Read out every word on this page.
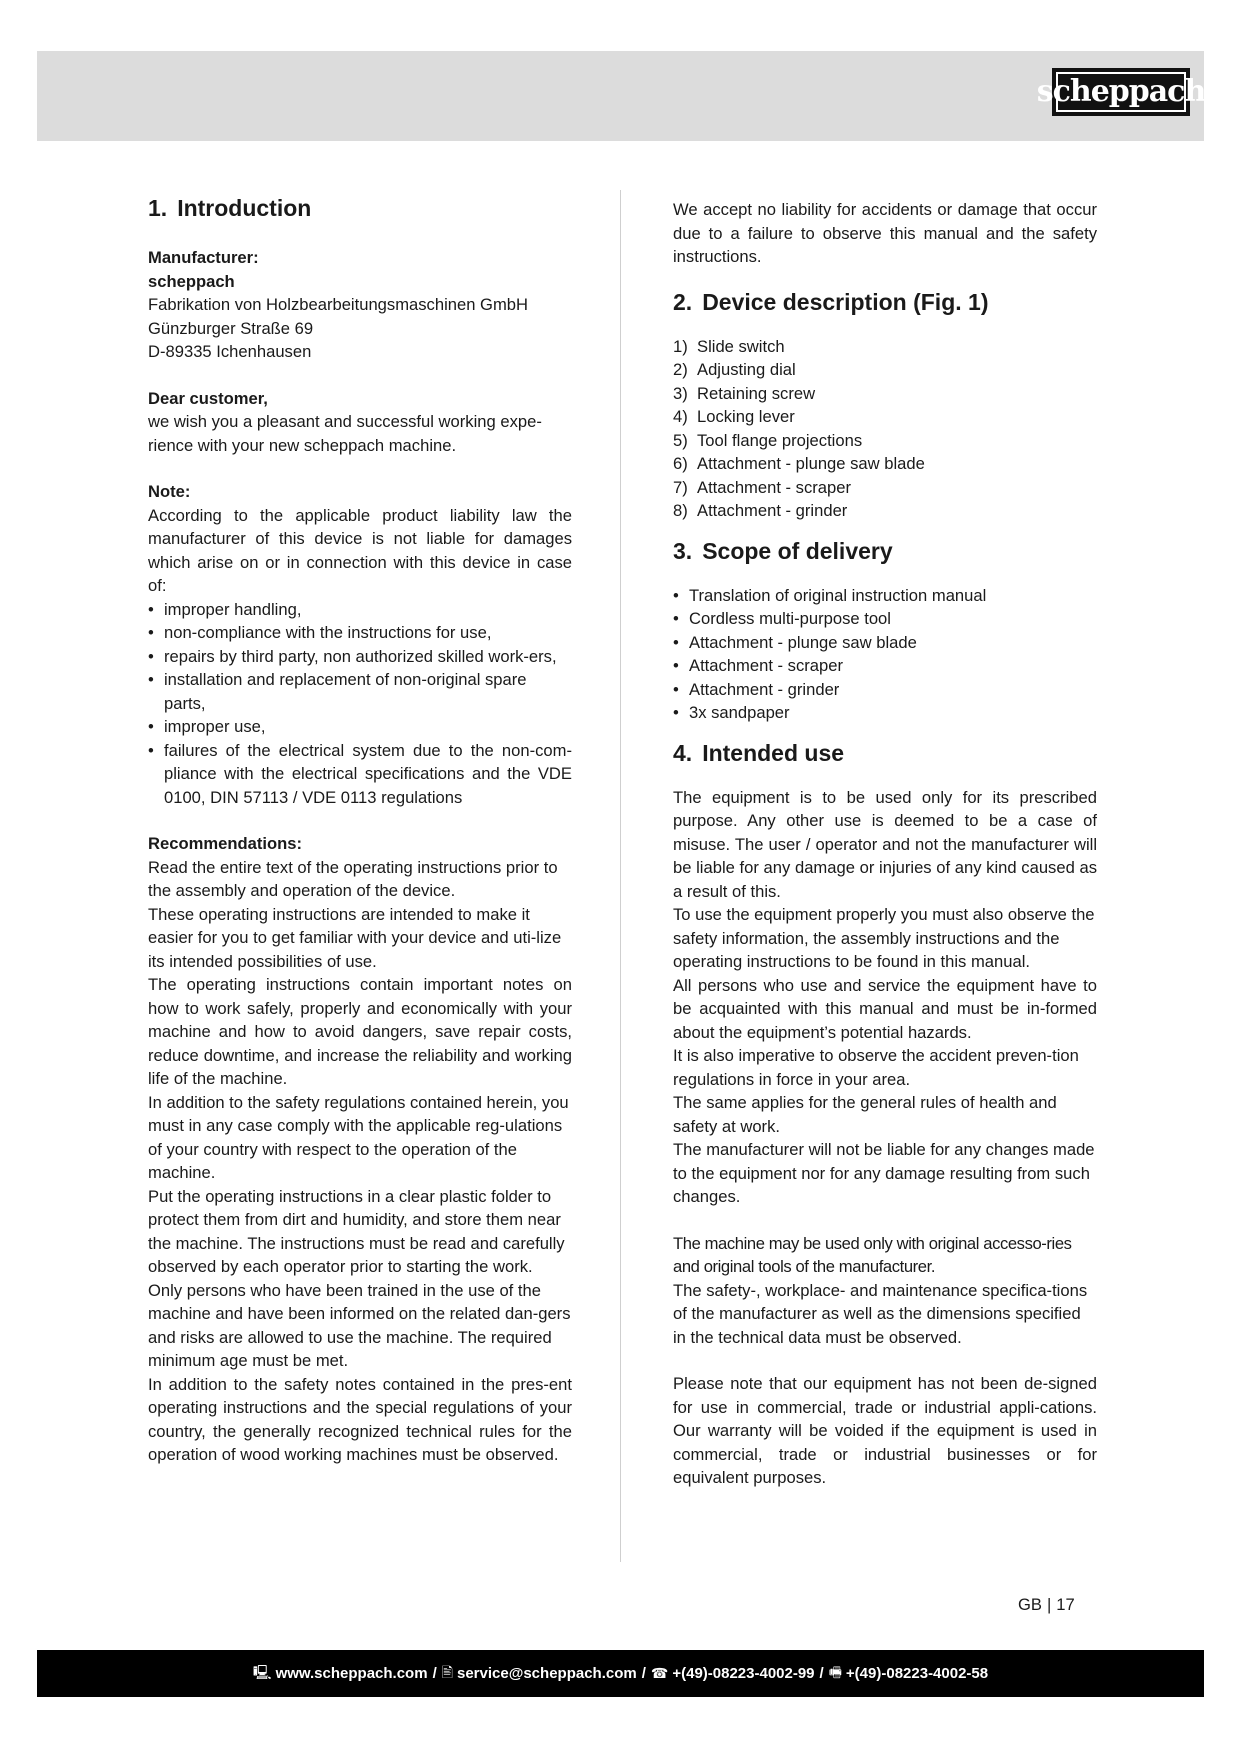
scheppach
1. Introduction

Manufacturer:

scheppach

Fabrikation von Holzbearbeitungsmaschinen GmbH

Günzburger Straße 69

D-89335 Ichenhausen

Dear customer,

we wish you a pleasant and successful working expe-rience with your new scheppach machine.

Note:

According to the applicable product liability law the manufacturer of this device is not liable for damages which arise on or in connection with this device in case of:

• improper handling,
• non-compliance with the instructions for use,
• repairs by third party, non authorized skilled work-ers,
• installation and replacement of non-original spare parts,
• improper use,
• failures of the electrical system due to the non-com-pliance with the electrical specifications and the VDE 0100, DIN 57113 / VDE 0113 regulations

Recommendations:

Read the entire text of the operating instructions prior to the assembly and operation of the device.

These operating instructions are intended to make it easier for you to get familiar with your device and uti-lize its intended possibilities of use.

The operating instructions contain important notes on how to work safely, properly and economically with your machine and how to avoid dangers, save repair costs, reduce downtime, and increase the reliability and working life of the machine.

In addition to the safety regulations contained herein, you must in any case comply with the applicable reg-ulations of your country with respect to the operation of the machine.

Put the operating instructions in a clear plastic folder to protect them from dirt and humidity, and store them near the machine. The instructions must be read and carefully observed by each operator prior to starting the work.

Only persons who have been trained in the use of the machine and have been informed on the related dan-gers and risks are allowed to use the machine. The required minimum age must be met.

In addition to the safety notes contained in the pres-ent operating instructions and the special regulations of your country, the generally recognized technical rules for the operation of wood working machines must be observed.

We accept no liability for accidents or damage that occur due to a failure to observe this manual and the safety instructions.

2. Device description (Fig. 1)
1) Slide switch
2) Adjusting dial
3) Retaining screw
4) Locking lever
5) Tool flange projections
6) Attachment - plunge saw blade
7) Attachment - scraper
8) Attachment - grinder
3. Scope of delivery
• Translation of original instruction manual
• Cordless multi-purpose tool
• Attachment - plunge saw blade
• Attachment - scraper
• Attachment - grinder
• 3x sandpaper
4. Intended use

The equipment is to be used only for its prescribed purpose. Any other use is deemed to be a case of misuse. The user / operator and not the manufacturer will be liable for any damage or injuries of any kind caused as a result of this.

To use the equipment properly you must also observe the safety information, the assembly instructions and the operating instructions to be found in this manual.

All persons who use and service the equipment have to be acquainted with this manual and must be in-formed about the equipment’s potential hazards.

It is also imperative to observe the accident preven-tion regulations in force in your area.

The same applies for the general rules of health and safety at work.

The manufacturer will not be liable for any changes made to the equipment nor for any damage resulting from such changes.

The machine may be used only with original accesso-ries and original tools of the manufacturer.

The safety-, workplace- and maintenance specifica-tions of the manufacturer as well as the dimensions specified in the technical data must be observed.

Please note that our equipment has not been de-signed for use in commercial, trade or industrial appli-cations. Our warranty will be voided if the equipment is used in commercial, trade or industrial businesses or for equivalent purposes.

GB | 17
🖳 www.scheppach.com / 🖹 service@scheppach.com / ☎ +(49)-08223-4002-99 / 🖷 +(49)-08223-4002-58
